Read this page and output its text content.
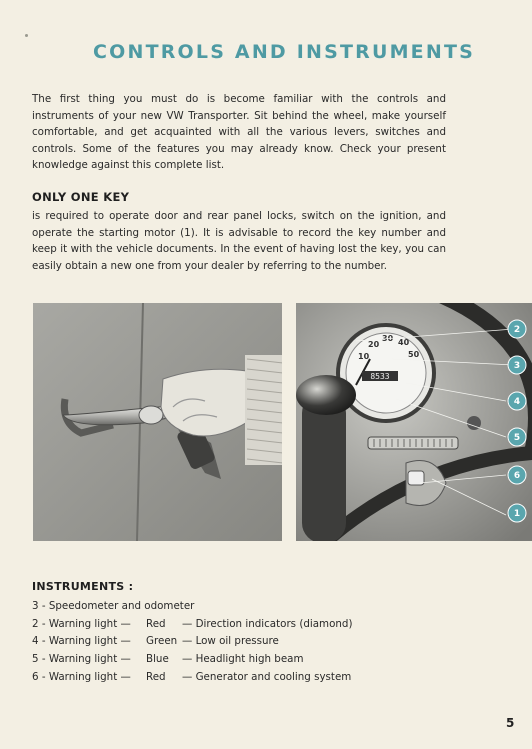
CONTROLS AND INSTRUMENTS

The first thing you must do is become familiar with the controls and instruments of your new VW Transporter. Sit behind the wheel, make yourself comfortable, and get acquainted with all the various levers, switches and controls. Some of the features you may already know. Check your present knowledge against this complete list.

ONLY ONE KEY

is required to operate door and rear panel locks, switch on the ignition, and operate the starting motor (1). It is advisable to record the key number and keep it with the vehicle documents. In the event of having lost the key, you can easily obtain a new one from your dealer by referring to the number.

8533
10
20
30 40
50
2
3
4
5
6
1
INSTRUMENTS :
3 - Speedometer and odometer
2 - Warning light — Red — Direction indicators (diamond)
4 - Warning light — Green — Low oil pressure
5 - Warning light — Blue — Headlight high beam
6 - Warning light — Red — Generator and cooling system
5
